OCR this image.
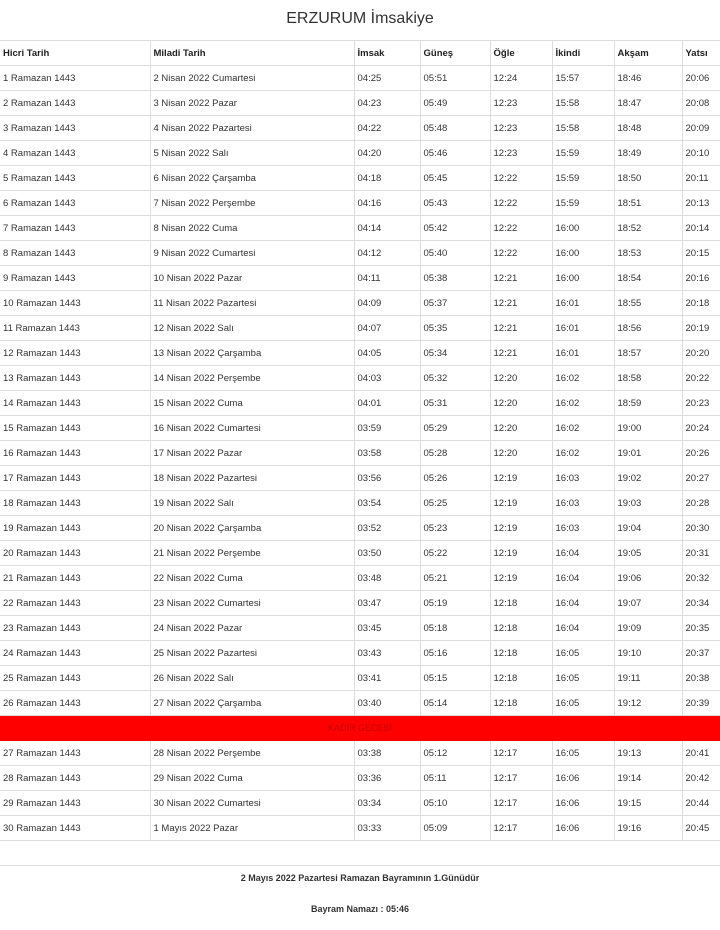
ERZURUM İmsakiye
Hicri Tarih	Miladi Tarih	İmsak	Güneş	Öğle	İkindi	Akşam	Yatsı
1 Ramazan 1443	2 Nisan 2022 Cumartesi	04:25	05:51	12:24	15:57	18:46	20:06
2 Ramazan 1443	3 Nisan 2022 Pazar	04:23	05:49	12:23	15:58	18:47	20:08
3 Ramazan 1443	4 Nisan 2022 Pazartesi	04:22	05:48	12:23	15:58	18:48	20:09
4 Ramazan 1443	5 Nisan 2022 Salı	04:20	05:46	12:23	15:59	18:49	20:10
5 Ramazan 1443	6 Nisan 2022 Çarşamba	04:18	05:45	12:22	15:59	18:50	20:11
6 Ramazan 1443	7 Nisan 2022 Perşembe	04:16	05:43	12:22	15:59	18:51	20:13
7 Ramazan 1443	8 Nisan 2022 Cuma	04:14	05:42	12:22	16:00	18:52	20:14
8 Ramazan 1443	9 Nisan 2022 Cumartesi	04:12	05:40	12:22	16:00	18:53	20:15
9 Ramazan 1443	10 Nisan 2022 Pazar	04:11	05:38	12:21	16:00	18:54	20:16
10 Ramazan 1443	11 Nisan 2022 Pazartesi	04:09	05:37	12:21	16:01	18:55	20:18
11 Ramazan 1443	12 Nisan 2022 Salı	04:07	05:35	12:21	16:01	18:56	20:19
12 Ramazan 1443	13 Nisan 2022 Çarşamba	04:05	05:34	12:21	16:01	18:57	20:20
13 Ramazan 1443	14 Nisan 2022 Perşembe	04:03	05:32	12:20	16:02	18:58	20:22
14 Ramazan 1443	15 Nisan 2022 Cuma	04:01	05:31	12:20	16:02	18:59	20:23
15 Ramazan 1443	16 Nisan 2022 Cumartesi	03:59	05:29	12:20	16:02	19:00	20:24
16 Ramazan 1443	17 Nisan 2022 Pazar	03:58	05:28	12:20	16:02	19:01	20:26
17 Ramazan 1443	18 Nisan 2022 Pazartesi	03:56	05:26	12:19	16:03	19:02	20:27
18 Ramazan 1443	19 Nisan 2022 Salı	03:54	05:25	12:19	16:03	19:03	20:28
19 Ramazan 1443	20 Nisan 2022 Çarşamba	03:52	05:23	12:19	16:03	19:04	20:30
20 Ramazan 1443	21 Nisan 2022 Perşembe	03:50	05:22	12:19	16:04	19:05	20:31
21 Ramazan 1443	22 Nisan 2022 Cuma	03:48	05:21	12:19	16:04	19:06	20:32
22 Ramazan 1443	23 Nisan 2022 Cumartesi	03:47	05:19	12:18	16:04	19:07	20:34
23 Ramazan 1443	24 Nisan 2022 Pazar	03:45	05:18	12:18	16:04	19:09	20:35
24 Ramazan 1443	25 Nisan 2022 Pazartesi	03:43	05:16	12:18	16:05	19:10	20:37
25 Ramazan 1443	26 Nisan 2022 Salı	03:41	05:15	12:18	16:05	19:11	20:38
26 Ramazan 1443	27 Nisan 2022 Çarşamba	03:40	05:14	12:18	16:05	19:12	20:39
KADİR GECESİ							
27 Ramazan 1443	28 Nisan 2022 Perşembe	03:38	05:12	12:17	16:05	19:13	20:41
28 Ramazan 1443	29 Nisan 2022 Cuma	03:36	05:11	12:17	16:06	19:14	20:42
29 Ramazan 1443	30 Nisan 2022 Cumartesi	03:34	05:10	12:17	16:06	19:15	20:44
30 Ramazan 1443	1 Mayıs 2022 Pazar	03:33	05:09	12:17	16:06	19:16	20:45
2 Mayıs 2022 Pazartesi Ramazan Bayramının 1.Günüdür
Bayram Namazı : 05:46
